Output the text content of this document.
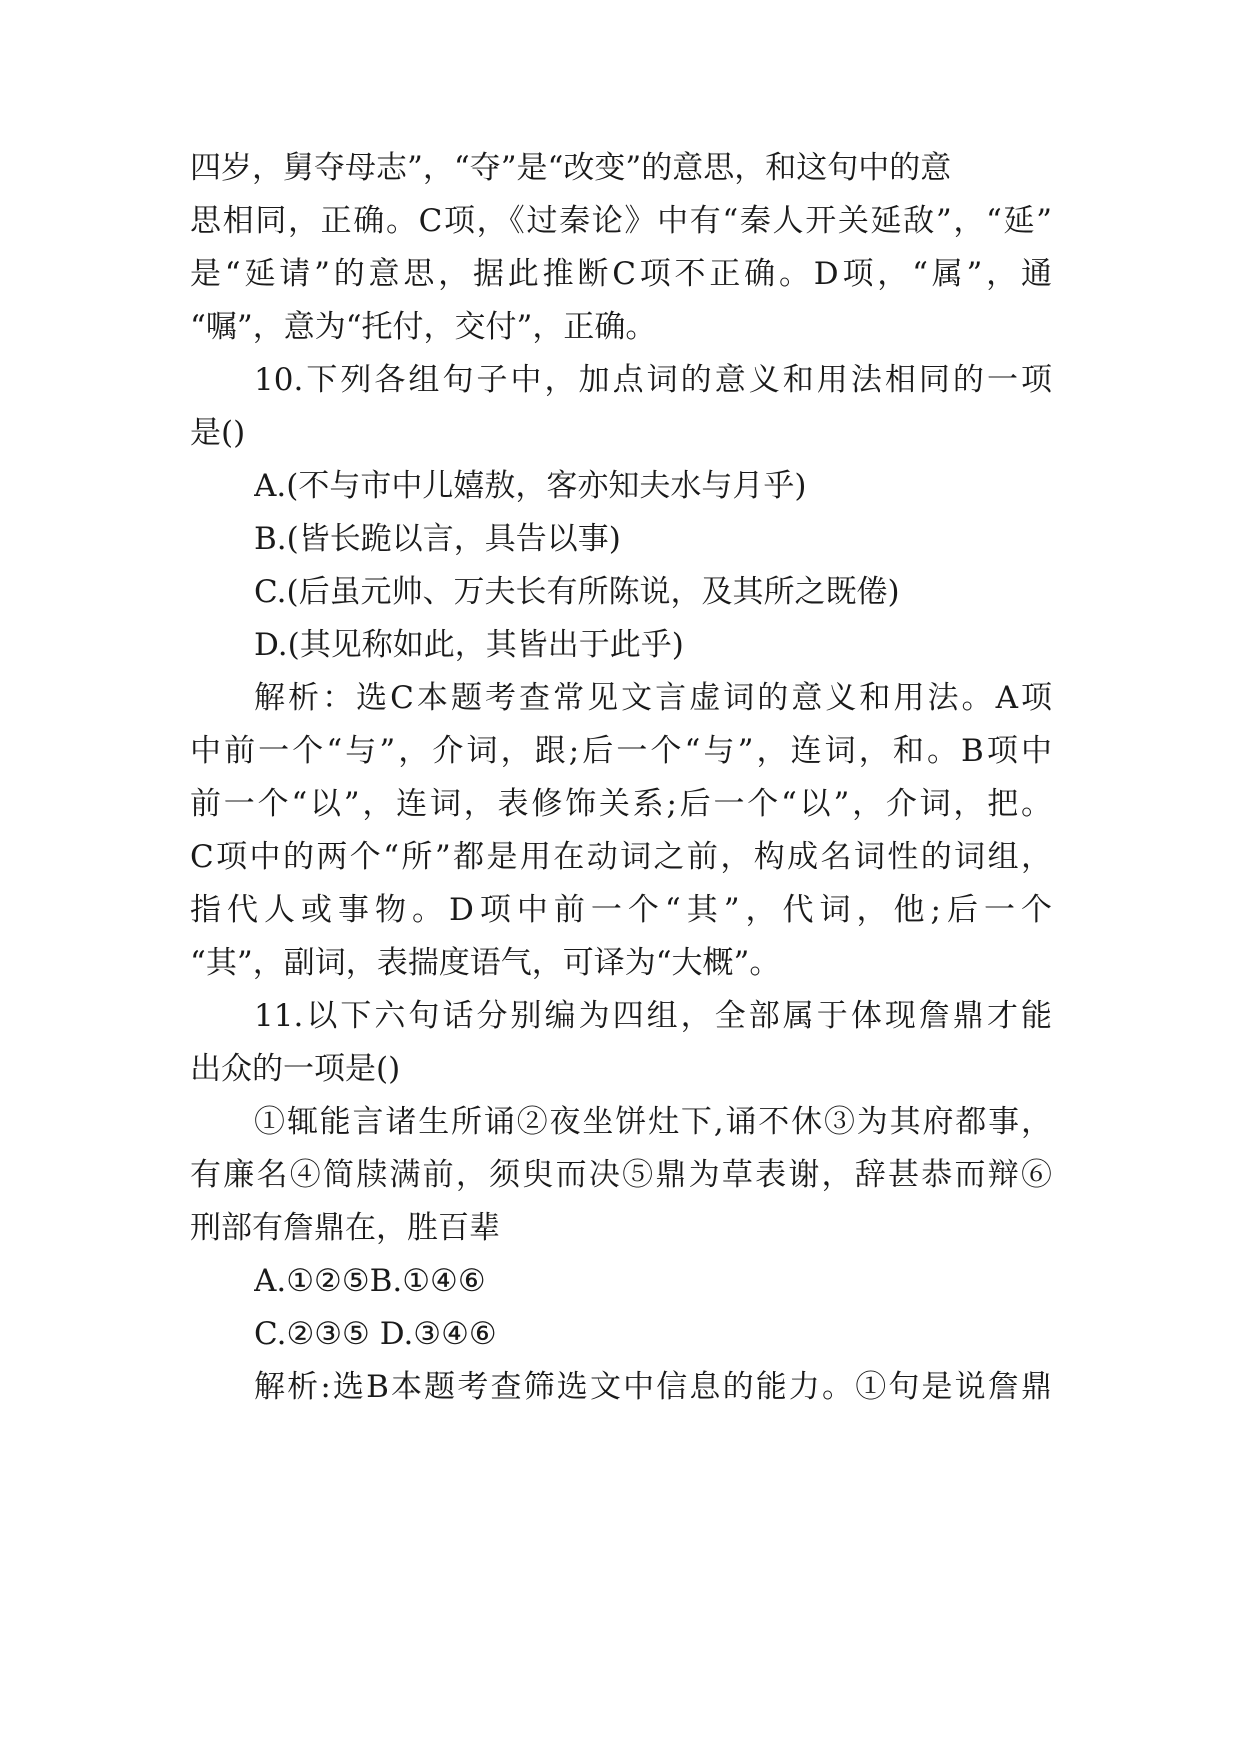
四岁，舅夺母志”，“夺”是“改变”的意思，和这句中的意
思相同，正确。C项，《过秦论》中有“秦人开关延敌”，“延”
是“延请”的意思，据此推断C项不正确。D项，“属”，通
“嘱”，意为“托付，交付”，正确。
10.下列各组句子中，加点词的意义和用法相同的一项
是()
A.(不与市中儿嬉敖，客亦知夫水与月乎)
B.(皆长跪以言，具告以事)
C.(后虽元帅、万夫长有所陈说，及其所之既倦)
D.(其见称如此，其皆出于此乎)
解析：选C本题考查常见文言虚词的意义和用法。A项
中前一个“与”，介词，跟;后一个“与”，连词，和。B项中
前一个“以”，连词，表修饰关系;后一个“以”，介词，把。
C项中的两个“所”都是用在动词之前，构成名词性的词组，
指代人或事物。D项中前一个“其”，代词，他;后一个
“其”，副词，表揣度语气，可译为“大概”。
11.以下六句话分别编为四组，全部属于体现詹鼎才能
出众的一项是()
①辄能言诸生所诵②夜坐饼灶下,诵不休③为其府都事，
有廉名④简牍满前，须臾而决⑤鼎为草表谢，辞甚恭而辩⑥
刑部有詹鼎在，胜百辈
A.①②⑤B.①④⑥
C.②③⑤ D.③④⑥
解析:选B本题考查筛选文中信息的能力。①句是说詹鼎
